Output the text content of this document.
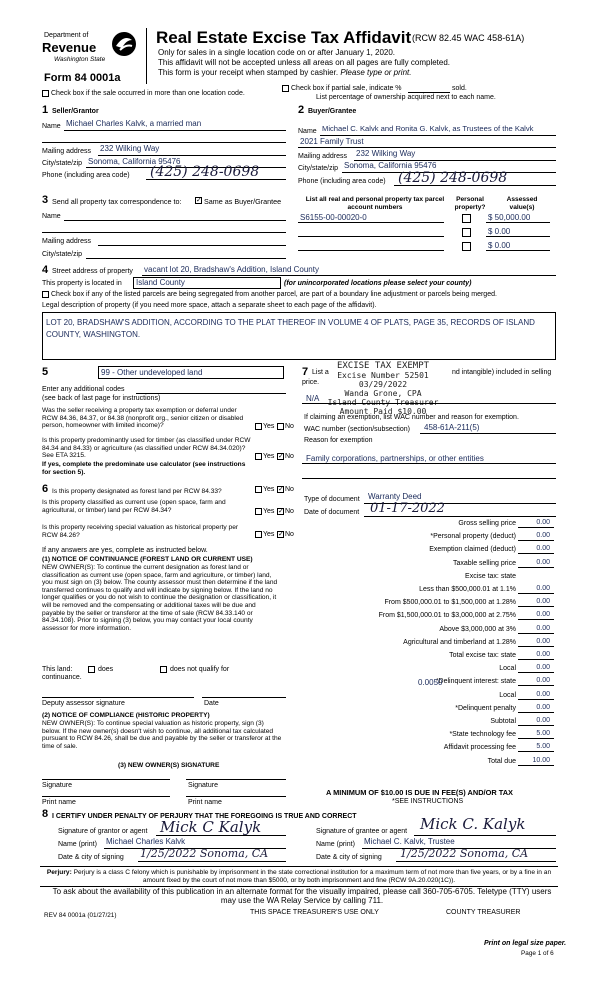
Department of
Revenue
Washington State
Form 84 0001a
Real Estate Excise Tax Affidavit (RCW 82.45 WAC 458-61A)
Only for sales in a single location code on or after January 1, 2020.
This affidavit will not be accepted unless all areas on all pages are fully completed.
This form is your receipt when stamped by cashier. Please type or print.
Check box if the sale occurred in more than one location code.
Check box if partial sale, indicate %	sold.
List percentage of ownership acquired next to each name.
1 Seller/Grantor
Name Michael Charles Kalvk, a married man
Mailing address 232 Wilking Way
City/state/zip Sonoma, California 95476
Phone (including area code) (425) 248-0698
2 Buyer/Grantee
Name Michael C. Kalvk and Ronita G. Kalvk, as Trustees of the Kalvk
2021 Family Trust
Mailing address 232 Wilking Way
City/state/zip Sonoma, California 95476
Phone (including area code) (425) 248-0698
3 Send all property tax correspondence to: ✓ Same as Buyer/Grantee
Name
Mailing address
City/state/zip
List all real and personal property tax parcel account numbers
Personal property?
Assessed value(s)
S6155-00-00020-0	$ 50,000.00
$ 0.00
$ 0.00
4 Street address of property vacant lot 20, Bradshaw's Addition, Island County
This property is located in	Island County	(for unincorporated locations please select your county)
Check box if any of the listed parcels are being segregated from another parcel, are part of a boundary line adjustment or parcels being merged.
Legal description of property (if you need more space, attach a separate sheet to each page of the affidavit).
LOT 20, BRADSHAW'S ADDITION, ACCORDING TO THE PLAT THEREOF IN VOLUME 4 OF PLATS, PAGE 35, RECORDS OF ISLAND COUNTY, WASHINGTON.
EXCISE TAX EXEMPT
Excise Number 52501
03/29/2022
Wanda Grone, CPA
Island County Treasurer
Amount Paid $10.00
5	99 - Other undeveloped land
Enter any additional codes
(see back of last page for instructions)
Was the seller receiving a property tax exemption or deferral under RCW 84.36, 84.37, or 84.38 (nonprofit org., senior citizen or disabled person, homeowner with limited income)?	Yes No
Is this property predominantly used for timber (as classified under RCW 84.34 and 84.33) or agriculture (as classified under RCW 84.34.020)? See ETA 3215.	Yes ✓ No
If yes, complete the predominate use calculator (see instructions for section 5).
6 Is this property designated as forest land per RCW 84.33?	Yes ✓ No
Is this property classified as current use (open space, farm and agricultural, or timber) land per RCW 84.34?	Yes ✓ No
Is this property receiving special valuation as historical property per RCW 84.26?	Yes ✓ No
If any answers are yes, complete as instructed below.
(1) NOTICE OF CONTINUANCE (FOREST LAND OR CURRENT USE)
NEW OWNER(S): To continue the current designation as forest land or classification as current use (open space, farm and agriculture, or timber) land, you must sign on (3) below. The county assessor must then determine if the land transferred continues to qualify and will indicate by signing below. If the land no longer qualifies or you do not wish to continue the designation or classification, it will be removed and the compensating or additional taxes will be due and payable by the seller or transferor at the time of sale (RCW 84.33.140 or 84.34.108). Prior to signing (3) below, you may contact your local county assessor for more information.
This land:
continuance.
does	does not qualify for
Deputy assessor signature	Date
(2) NOTICE OF COMPLIANCE (HISTORIC PROPERTY)
NEW OWNER(S): To continue special valuation as historic property, sign (3) below. If the new owner(s) doesn't wish to continue, all additional tax calculated pursuant to RCW 84.26, shall be due and payable by the seller or transferor at the time of sale.
(3) NEW OWNER(S) SIGNATURE
Signature	Signature
Print name	Print name
7 List a	nd intangible) included in selling
price.
N/A
If claiming an exemption, list WAC number and reason for exemption.
WAC number (section/subsection) 458-61A-211(5)
Reason for exemption
Family corporations, partnerships, or other entities
Type of document Warranty Deed
Date of document 01-17-2022
Gross selling price	0.00
*Personal property (deduct)	0.00
Exemption claimed (deduct)	0.00
Taxable selling price	0.00
Excise tax: state
Less than $500,000.01 at 1.1%	0.00
From $500,000.01 to $1,500,000 at 1.28%	0.00
From $1,500,000.01 to $3,000,000 at 2.75%	0.00
Above $3,000,000 at 3%	0.00
Agricultural and timberland at 1.28%	0.00
Total excise tax: state	0.00
Local	0.00
*Delinquent interest: state	0.00
Local	0.00
*Delinquent penalty	0.00
Subtotal	0.00
*State technology fee	5.00
Affidavit processing fee	5.00
Total due	10.00
0.0050
A MINIMUM OF $10.00 IS DUE IN FEE(S) AND/OR TAX
*SEE INSTRUCTIONS
8 I CERTIFY UNDER PENALTY OF PERJURY THAT THE FOREGOING IS TRUE AND CORRECT
Signature of grantor or agent Mick C Kalyk
Name (print) Michael Charles Kalvk
Date & city of signing 1/25/2022 Sonoma, CA
Signature of grantee or agent Mick C. Kalyk
Name (print) Michael C. Kalvk, Trustee
Date & city of signing 1/25/2022 Sonoma, CA
Perjury: Perjury is a class C felony which is punishable by imprisonment in the state correctional institution for a maximum term of not more than five years, or by a fine in an amount fixed by the court of not more than $5000, or by both imprisonment and fine (RCW 9A.20.020(1C)).
To ask about the availability of this publication in an alternate format for the visually impaired, please call 360-705-6705. Teletype (TTY) users may use the WA Relay Service by calling 711.
REV 84 0001a (01/27/21)	THIS SPACE TREASURER'S USE ONLY	COUNTY TREASURER
Print on legal size paper.
Page 1 of 6
